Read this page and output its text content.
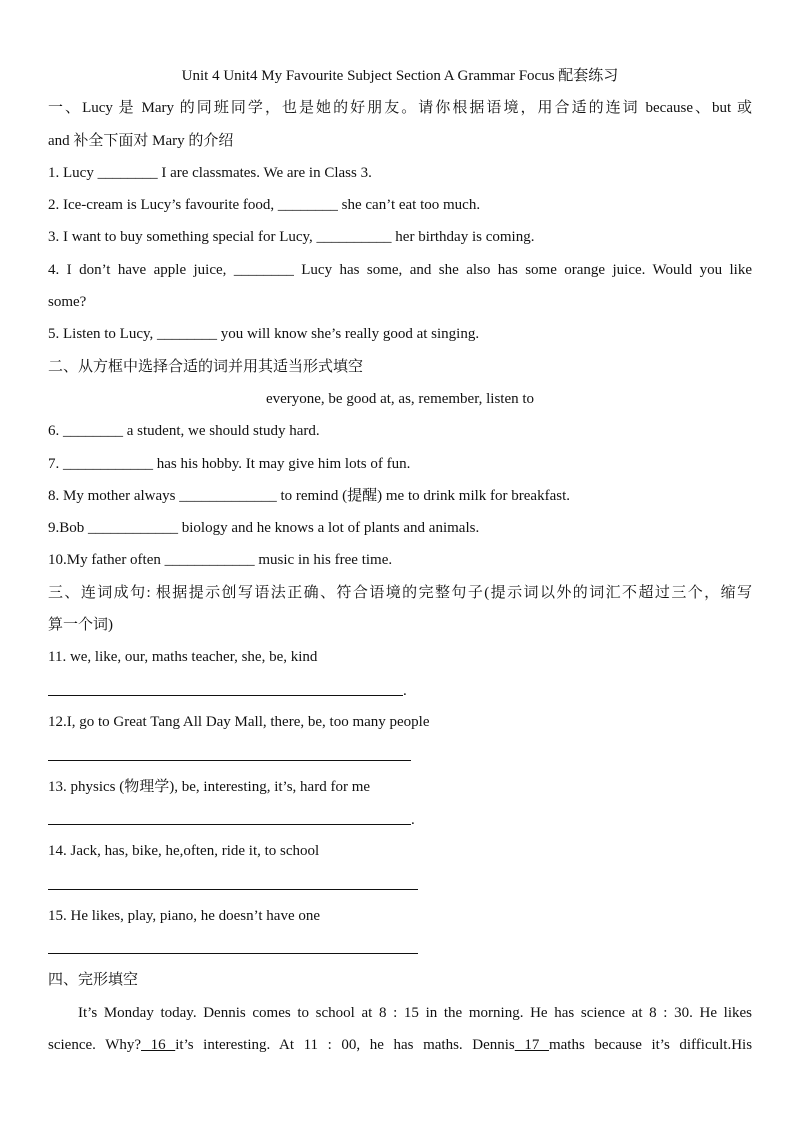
Unit 4 Unit4 My Favourite Subject Section A Grammar Focus 配套练习
一、Lucy 是 Mary 的同班同学，也是她的好朋友。请你根据语境，用合适的连词 because、but 或
and 补全下面对 Mary 的介绍
1. Lucy ________ I are classmates. We are in Class 3.
2. Ice-cream is Lucy’s favourite food, ________ she can’t eat too much.
3. I want to buy something special for Lucy, __________ her birthday is coming.
4. I don’t have apple juice, ________ Lucy has some, and she also has some orange juice. Would you like
some?
5. Listen to Lucy, ________ you will know she’s really good at singing.
二、从方框中选择合适的词并用其适当形式填空
everyone, be good at, as, remember, listen to
6. ________ a student, we should study hard.
7. ____________ has his hobby. It may give him lots of fun.
8. My mother always _____________ to remind (提醒) me to drink milk for breakfast.
9.Bob ____________ biology and he knows a lot of plants and animals.
10.My father often ____________ music in his free time.
三、连词成句: 根据提示创写语法正确、符合语境的完整句子(提示词以外的词汇不超过三个，缩写
算一个词)
11. we, like, our, maths teacher, she, be, kind
.
12.I, go to Great Tang All Day Mall, there, be, too many people
13. physics (物理学), be, interesting, it’s, hard for me
.
14. Jack, has, bike, he,often, ride it, to school
15. He likes, play, piano, he doesn’t have one
四、完形填空
It’s Monday today. Dennis comes to school at 8 : 15 in the morning. He has science at 8 : 30. He likes
science. Why? 16 it’s interesting. At 11 : 00, he has maths. Dennis 17 maths because it’s difficult.His
